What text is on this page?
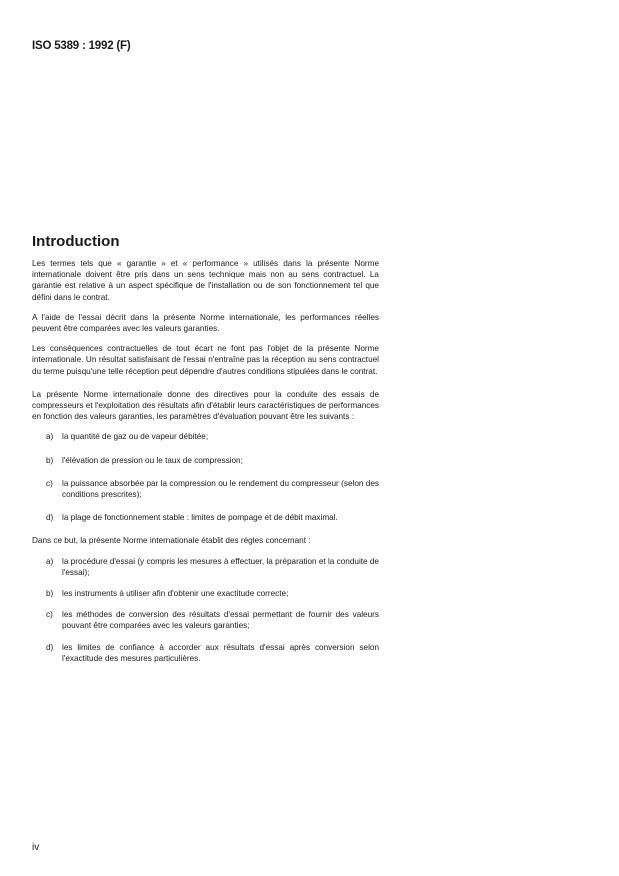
ISO 5389 : 1992 (F)
Introduction

Les termes tels que « garantie » et « performance » utilisés dans la présente Norme internationale doivent être pris dans un sens technique mais non au sens contractuel. La garantie est relative à un aspect spécifique de l'installation ou de son fonctionnement tel que défini dans le contrat.

A l'aide de l'essai décrit dans la présente Norme internationale, les performances réelles peuvent être comparées avec les valeurs garanties.

Les conséquences contractuelles de tout écart ne font pas l'objet de la présente Norme internationale. Un résultat satisfaisant de l'essai n'entraîne pas la réception au sens contractuel du terme puisqu'une telle réception peut dépendre d'autres conditions stipulées dans le contrat.

La présente Norme internationale donne des directives pour la conduite des essais de compresseurs et l'exploitation des résultats afin d'établir leurs caractéristiques de performances en fonction des valeurs garanties, les paramètres d'évaluation pouvant être les suivants :

a)	la quantité de gaz ou de vapeur débitée;
b)	l'élévation de pression ou le taux de compression;
c)	la puissance absorbée par la compression ou le rendement du compresseur (selon des conditions prescrites);
d)	la plage de fonctionnement stable : limites de pompage et de débit maximal.

Dans ce but, la présente Norme internationale établit des règles concernant :

a)	la procédure d'essai (y compris les mesures à effectuer, la préparation et la conduite de l'essai);
b)	les instruments à utiliser afin d'obtenir une exactitude correcte;
c)	les méthodes de conversion des résultats d'essai permettant de fournir des valeurs pouvant être comparées avec les valeurs garanties;
d)	les limites de confiance à accorder aux résultats d'essai après conversion selon l'exactitude des mesures particulières.
iv
